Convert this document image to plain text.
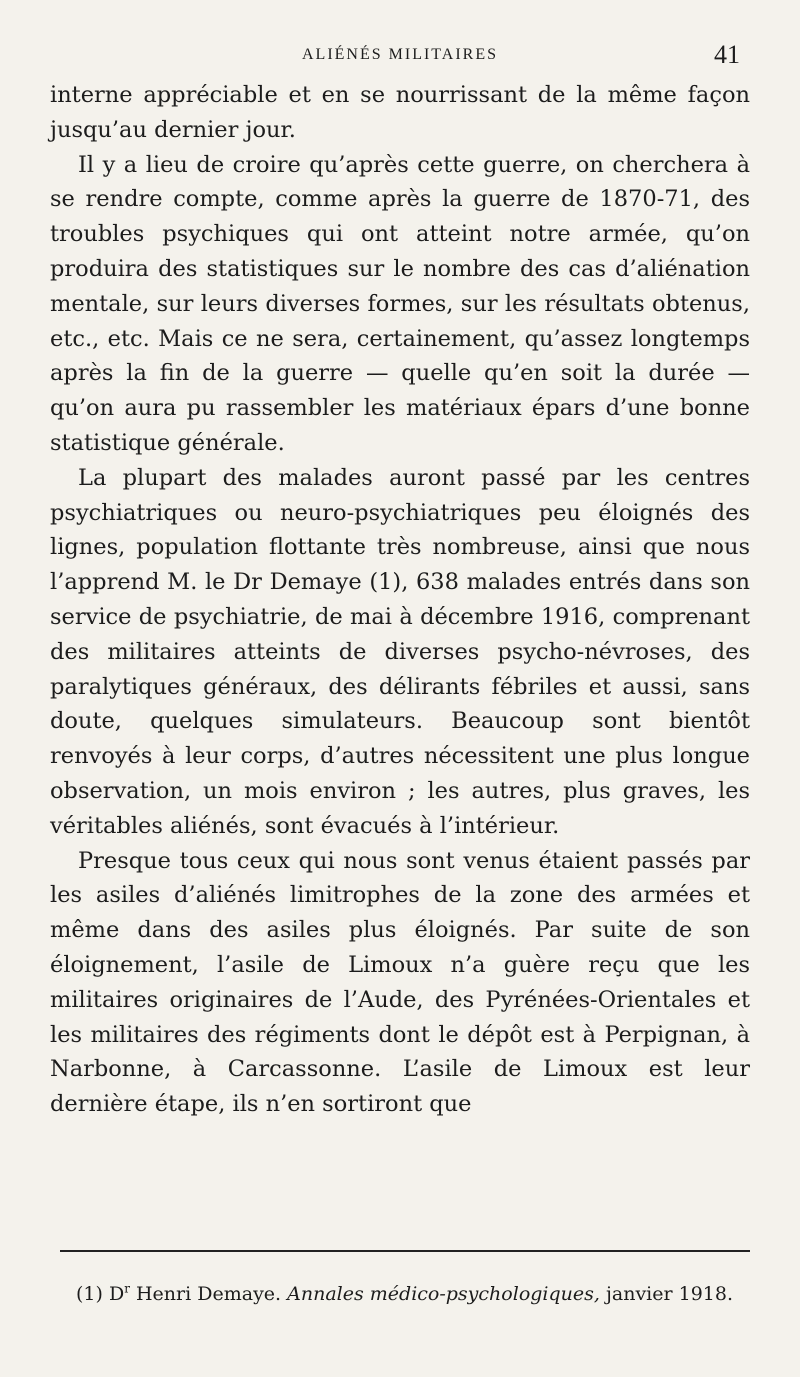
ALIÉNÉS MILITAIRES	41

interne appréciable et en se nourrissant de la même façon jusqu’au dernier jour.

Il y a lieu de croire qu’après cette guerre, on cherchera à se rendre compte, comme après la guerre de 1870-71, des troubles psychiques qui ont atteint notre armée, qu’on produira des statistiques sur le nombre des cas d’aliénation mentale, sur leurs diverses formes, sur les résultats obtenus, etc., etc. Mais ce ne sera, certainement, qu’assez longtemps après la fin de la guerre — quelle qu’en soit la durée — qu’on aura pu rassembler les matériaux épars d’une bonne statistique générale.

La plupart des malades auront passé par les centres psychiatriques ou neuro-psychiatriques peu éloignés des lignes, population flottante très nombreuse, ainsi que nous l’apprend M. le Dr Demaye (1), 638 malades entrés dans son service de psychiatrie, de mai à décembre 1916, comprenant des militaires atteints de diverses psycho-névroses, des paralytiques généraux, des délirants fébriles et aussi, sans doute, quelques simulateurs. Beaucoup sont bientôt renvoyés à leur corps, d’autres nécessitent une plus longue observation, un mois environ ; les autres, plus graves, les véritables aliénés, sont évacués à l’intérieur.

Presque tous ceux qui nous sont venus étaient passés par les asiles d’aliénés limitrophes de la zone des armées et même dans des asiles plus éloignés. Par suite de son éloignement, l’asile de Limoux n’a guère reçu que les militaires originaires de l’Aude, des Pyrénées-Orientales et les militaires des régiments dont le dépôt est à Perpignan, à Narbonne, à Carcassonne. L’asile de Limoux est leur dernière étape, ils n’en sortiront que

(1) $D^r$ Henri Demaye. Annales médico-psychologiques, janvier 1918.
